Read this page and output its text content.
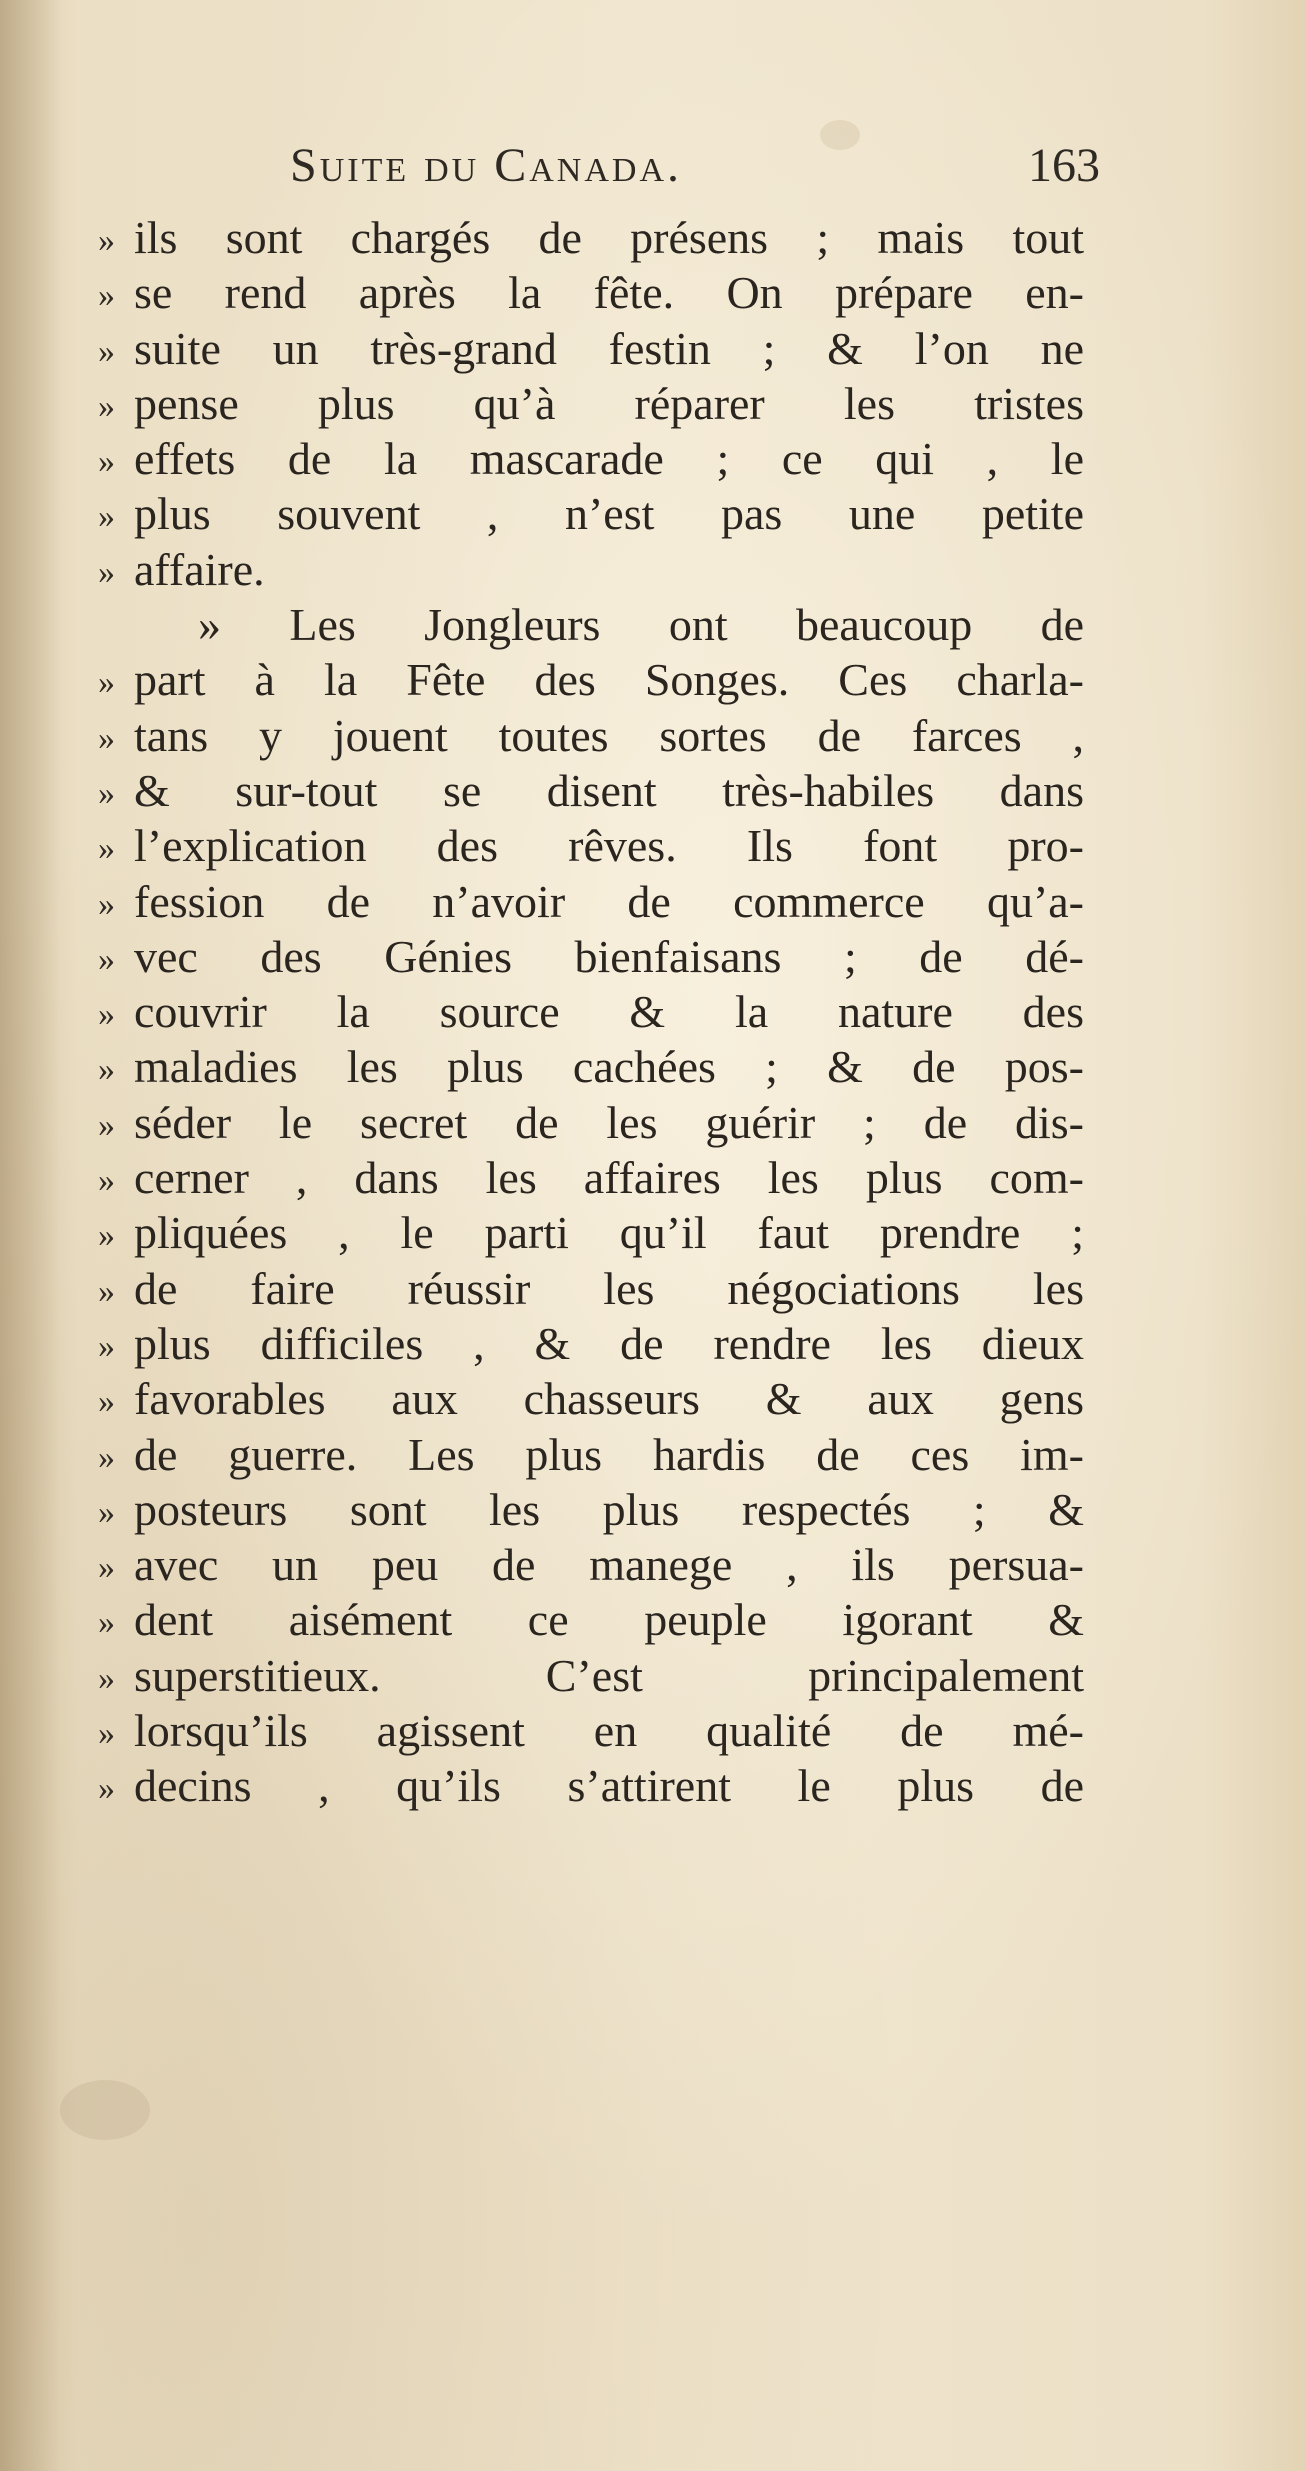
Suite du Canada.	163
» ils sont chargés de présens ; mais tout
» se rend après la fête. On prépare en-
» suite un très-grand festin ; & l’on ne
» pense plus qu’à réparer les tristes
» effets de la mascarade ; ce qui , le
» plus souvent , n’est pas une petite
» affaire.
» Les Jongleurs ont beaucoup de
» part à la Fête des Songes. Ces charla-
» tans y jouent toutes sortes de farces ,
» & sur-tout se disent très-habiles dans
» l’explication des rêves. Ils font pro-
» fession de n’avoir de commerce qu’a-
» vec des Génies bienfaisans ; de dé-
» couvrir la source & la nature des
» maladies les plus cachées ; & de pos-
» séder le secret de les guérir ; de dis-
» cerner , dans les affaires les plus com-
» pliquées , le parti qu’il faut prendre ;
» de faire réussir les négociations les
» plus difficiles , & de rendre les dieux
» favorables aux chasseurs & aux gens
» de guerre. Les plus hardis de ces im-
» posteurs sont les plus respectés ; &
» avec un peu de manege , ils persua-
» dent aisément ce peuple igorant &
» superstitieux. C’est principalement
» lorsqu’ils agissent en qualité de mé-
» decins , qu’ils s’attirent le plus de
